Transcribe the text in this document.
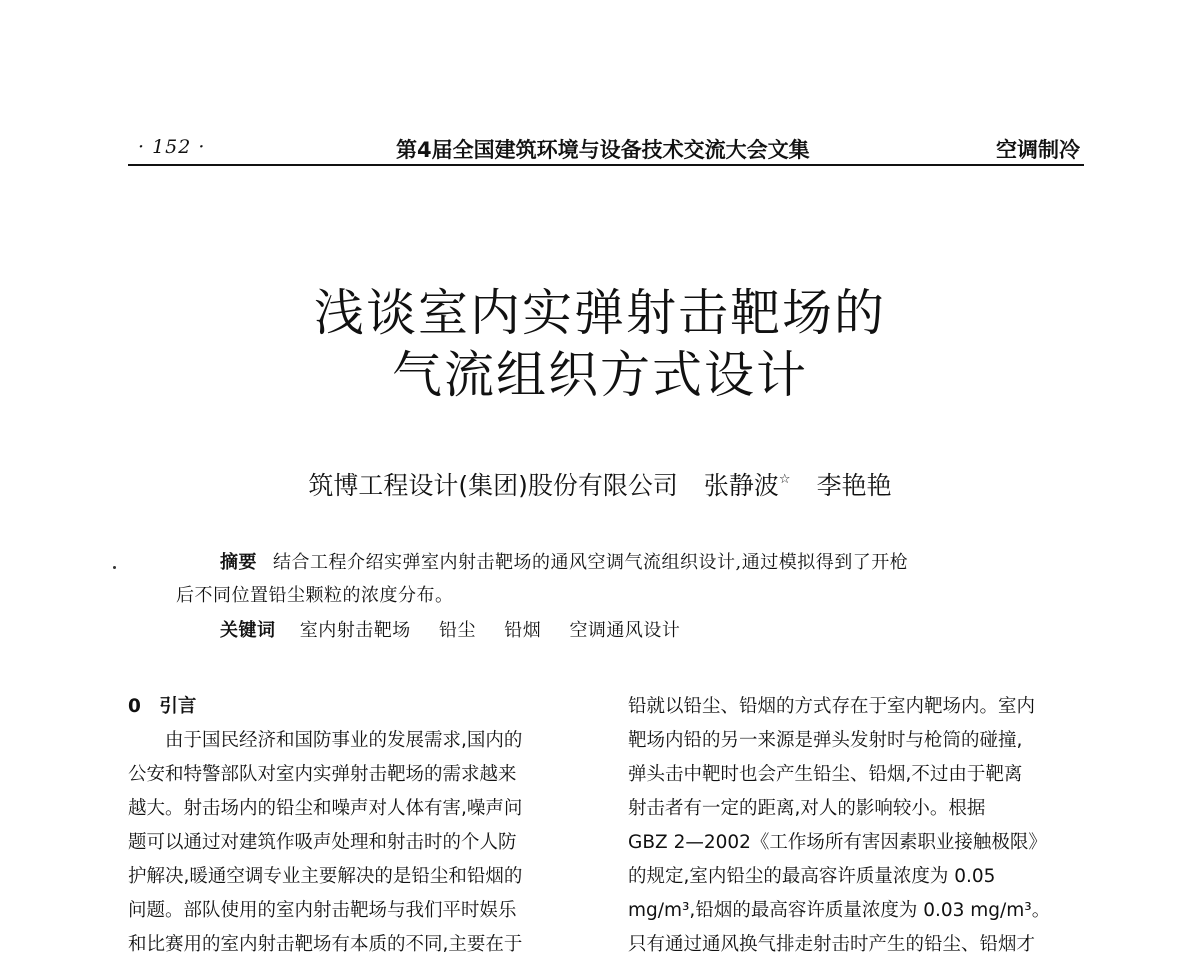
· 152 ·	第4届全国建筑环境与设备技术交流大会文集	空调制冷
浅谈室内实弹射击靶场的
气流组织方式设计
筑博工程设计(集团)股份有限公司 张静波☆ 李艳艳
摘要 结合工程介绍实弹室内射击靶场的通风空调气流组织设计,通过模拟得到了开枪
后不同位置铅尘颗粒的浓度分布。
关键词 室内射击靶场 铅尘 铅烟 空调通风设计
0　引言
由于国民经济和国防事业的发展需求,国内的
公安和特警部队对室内实弹射击靶场的需求越来
越大。射击场内的铅尘和噪声对人体有害,噪声问
题可以通过对建筑作吸声处理和射击时的个人防
护解决,暖通空调专业主要解决的是铅尘和铅烟的
问题。部队使用的室内射击靶场与我们平时娱乐
和比赛用的室内射击靶场有本质的不同,主要在于
铅就以铅尘、铅烟的方式存在于室内靶场内。室内
靶场内铅的另一来源是弹头发射时与枪筒的碰撞,
弹头击中靶时也会产生铅尘、铅烟,不过由于靶离
射击者有一定的距离,对人的影响较小。根据
GBZ 2—2002《工作场所有害因素职业接触极限》
的规定,室内铅尘的最高容许质量浓度为 0.05
mg/m³,铅烟的最高容许质量浓度为 0.03 mg/m³。
只有通过通风换气排走射击时产生的铅尘、铅烟才
